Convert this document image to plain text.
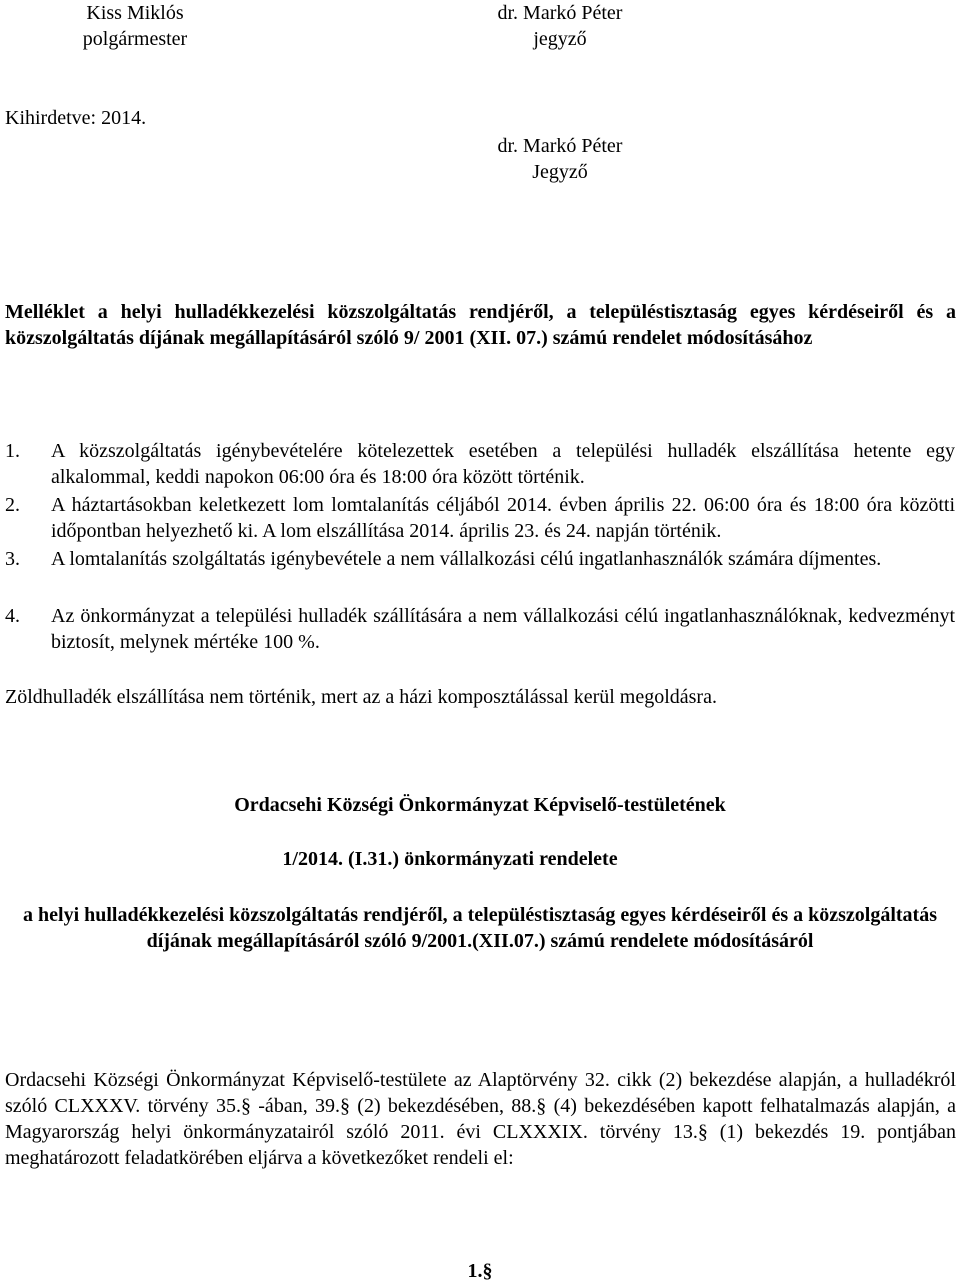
Kiss Miklós
polgármester
dr. Markó Péter
jegyző
Kihirdetve: 2014.
dr. Markó Péter
Jegyző

Melléklet a helyi hulladékkezelési közszolgáltatás rendjéről, a településtisztaság egyes kérdéseiről és a közszolgáltatás díjának megállapításáról szóló 9/ 2001 (XII. 07.) számú rendelet módosításához

1.	A közszolgáltatás igénybevételére kötelezettek esetében a települési hulladék elszállítása hetente egy alkalommal, keddi napokon 06:00 óra és 18:00 óra között történik.
2.	A háztartásokban keletkezett lom lomtalanítás céljából 2014. évben április 22. 06:00 óra és 18:00 óra közötti időpontban helyezhető ki. A lom elszállítása 2014. április 23. és 24. napján történik.
3.	A lomtalanítás szolgáltatás igénybevétele a nem vállalkozási célú ingatlanhasználók számára díjmentes.
4.	Az önkormányzat a települési hulladék szállítására a nem vállalkozási célú ingatlanhasználóknak, kedvezményt biztosít, melynek mértéke 100 %.

Zöldhulladék elszállítása nem történik, mert az a házi komposztálással kerül megoldásra.

Ordacsehi Községi Önkormányzat Képviselő-testületének

1/2014. (I.31.) önkormányzati rendelete

a helyi hulladékkezelési közszolgáltatás rendjéről, a településtisztaság egyes kérdéseiről és a közszolgáltatás díjának megállapításáról szóló 9/2001.(XII.07.) számú rendelete módosításáról

Ordacsehi Községi Önkormányzat Képviselő-testülete az Alaptörvény 32. cikk (2) bekezdése alapján, a hulladékról szóló CLXXXV. törvény 35.§ -ában, 39.§ (2) bekezdésében, 88.§ (4) bekezdésében kapott felhatalmazás alapján, a Magyarország helyi önkormányzatairól szóló 2011. évi CLXXXIX. törvény 13.§ (1) bekezdés 19. pontjában meghatározott feladatkörében eljárva a következőket rendeli el:

1.§
